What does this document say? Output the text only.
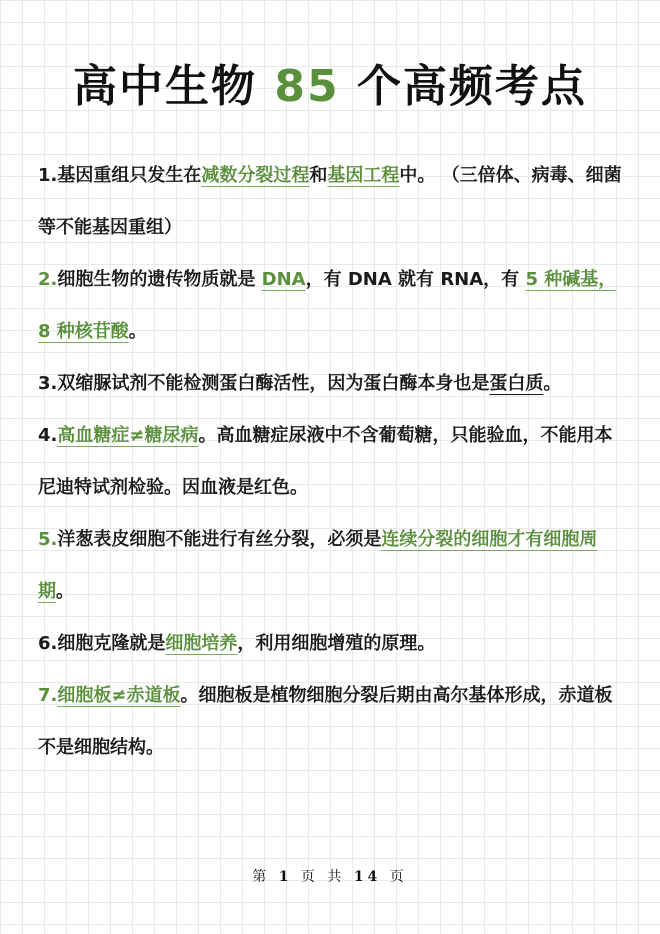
高中生物 85 个高频考点

1.基因重组只发生在减数分裂过程和基因工程中。 （三倍体、病毒、细菌等不能基因重组）

2.细胞生物的遗传物质就是 DNA，有 DNA 就有 RNA，有 5 种碱基，8 种核苷酸。

3.双缩脲试剂不能检测蛋白酶活性，因为蛋白酶本身也是蛋白质。

4.高血糖症≠糖尿病。高血糖症尿液中不含葡萄糖，只能验血，不能用本尼迪特试剂检验。因血液是红色。

5.洋葱表皮细胞不能进行有丝分裂，必须是连续分裂的细胞才有细胞周期。

6.细胞克隆就是细胞培养，利用细胞增殖的原理。

7.细胞板≠赤道板。细胞板是植物细胞分裂后期由高尔基体形成，赤道板不是细胞结构。

第 1 页 共 14 页
